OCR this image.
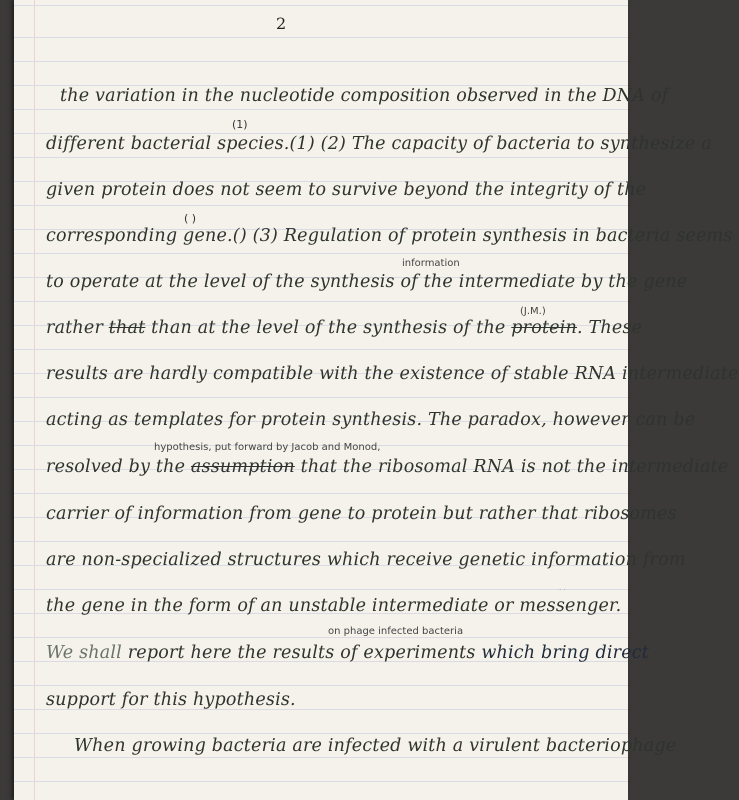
2
the variation in the nucleotide composition observed in the DNA of
different bacterial species.(1) (2) The capacity of bacteria to synthesize a
given protein does not seem to survive beyond the integrity of the
corresponding gene.() (3) Regulation of protein synthesis in bacteria seems
to operate at the level of the synthesis of the intermediate by the gene
rather that than at the level of the synthesis of the protein. These
results are hardly compatible with the existence of stable RNA intermediate
acting as templates for protein synthesis. The paradox, however can be
resolved by the assumption that the ribosomal RNA is not the intermediate
carrier of information from gene to protein but rather that ribosomes
are non-specialized structures which receive genetic information from
the gene in the form of an unstable intermediate or messenger.
We shall report here the results of experiments which bring direct
support for this hypothesis.
When growing bacteria are infected with a virulent bacteriophage
information
(J.M.)
hypothesis, put forward by Jacob and Monod,
on phage infected bacteria
(1)
( )
· ·
